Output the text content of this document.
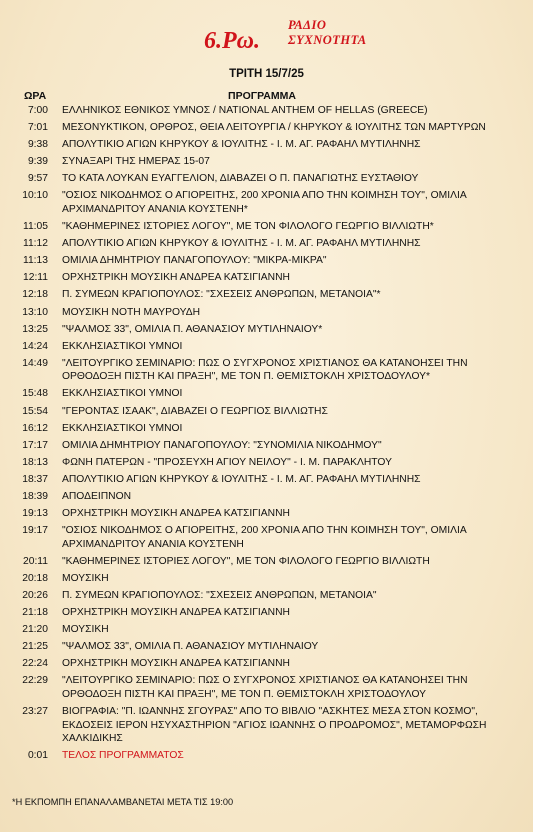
6.Ρω.
ΡΑΔΙΟ
ΣΥΧΝΟΤΗΤΑ
ΤΡΙΤΗ 15/7/25
ΩΡΑ	ΠΡΟΓΡΑΜΜΑ
7:00	ΕΛΛΗΝΙΚΟΣ ΕΘΝΙΚΟΣ ΥΜΝΟΣ / NATIONAL ANTHEM OF HELLAS (GREECE)
7:01	ΜΕΣΟΝΥΚΤΙΚΟΝ, ΟΡΘΡΟΣ, ΘΕΙΑ ΛΕΙΤΟΥΡΓΙΑ / ΚΗΡΥΚΟΥ & ΙΟΥΛΙΤΗΣ ΤΩΝ ΜΑΡΤΥΡΩΝ
9:38	ΑΠΟΛΥΤΙΚΙΟ ΑΓΙΩΝ ΚΗΡΥΚΟΥ & ΙΟΥΛΙΤΗΣ - Ι. Μ. ΑΓ. ΡΑΦΑΗΛ ΜΥΤΙΛΗΝΗΣ
9:39	ΣΥΝΑΞΑΡΙ ΤΗΣ ΗΜΕΡΑΣ 15-07
9:57	ΤΟ ΚΑΤΑ ΛΟΥΚΑΝ ΕΥΑΓΓΕΛΙΟΝ, ΔΙΑΒΑΖΕΙ Ο Π. ΠΑΝΑΓΙΩΤΗΣ ΕΥΣΤΑΘΙΟΥ
10:10	"ΟΣΙΟΣ ΝΙΚΟΔΗΜΟΣ Ο ΑΓΙΟΡΕΙΤΗΣ, 200 ΧΡΟΝΙΑ ΑΠΟ ΤΗΝ ΚΟΙΜΗΣΗ ΤΟΥ", ΟΜΙΛΙΑ ΑΡΧΙΜΑΝΔΡΙΤΟΥ ΑΝΑΝΙΑ ΚΟΥΣΤΕΝΗ*
11:05	"ΚΑΘΗΜΕΡΙΝΕΣ ΙΣΤΟΡΙΕΣ ΛΟΓΟΥ", ΜΕ ΤΟΝ ΦΙΛΟΛΟΓΟ ΓΕΩΡΓΙΟ ΒΙΛΛΙΩΤΗ*
11:12	ΑΠΟΛΥΤΙΚΙΟ ΑΓΙΩΝ ΚΗΡΥΚΟΥ & ΙΟΥΛΙΤΗΣ - Ι. Μ. ΑΓ. ΡΑΦΑΗΛ ΜΥΤΙΛΗΝΗΣ
11:13	ΟΜΙΛΙΑ ΔΗΜΗΤΡΙΟΥ ΠΑΝΑΓΟΠΟΥΛΟΥ: "ΜΙΚΡΑ-ΜΙΚΡΑ"
12:11	ΟΡΧΗΣΤΡΙΚΗ ΜΟΥΣΙΚΗ ΑΝΔΡΕΑ ΚΑΤΣΙΓΙΑΝΝΗ
12:18	Π. ΣΥΜΕΩΝ ΚΡΑΓΙΟΠΟΥΛΟΣ: "ΣΧΕΣΕΙΣ ΑΝΘΡΩΠΩΝ, ΜΕΤΑΝΟΙΑ"*
13:10	ΜΟΥΣΙΚΗ ΝΟΤΗ ΜΑΥΡΟΥΔΗ
13:25	"ΨΑΛΜΟΣ 33", ΟΜΙΛΙΑ Π. ΑΘΑΝΑΣΙΟΥ ΜΥΤΙΛΗΝΑΙΟΥ*
14:24	ΕΚΚΛΗΣΙΑΣΤΙΚΟΙ ΥΜΝΟΙ
14:49	"ΛΕΙΤΟΥΡΓΙΚΟ ΣΕΜΙΝΑΡΙΟ: ΠΩΣ Ο ΣΥΓΧΡΟΝΟΣ ΧΡΙΣΤΙΑΝΟΣ ΘΑ ΚΑΤΑΝΟΗΣΕΙ ΤΗΝ ΟΡΘΟΔΟΞΗ ΠΙΣΤΗ ΚΑΙ ΠΡΑΞΗ", ΜΕ ΤΟΝ Π. ΘΕΜΙΣΤΟΚΛΗ ΧΡΙΣΤΟΔΟΥΛΟΥ*
15:48	ΕΚΚΛΗΣΙΑΣΤΙΚΟΙ ΥΜΝΟΙ
15:54	"ΓΕΡΟΝΤΑΣ ΙΣΑΑΚ", ΔΙΑΒΑΖΕΙ Ο ΓΕΩΡΓΙΟΣ ΒΙΛΛΙΩΤΗΣ
16:12	ΕΚΚΛΗΣΙΑΣΤΙΚΟΙ ΥΜΝΟΙ
17:17	ΟΜΙΛΙΑ ΔΗΜΗΤΡΙΟΥ ΠΑΝΑΓΟΠΟΥΛΟΥ: "ΣΥΝΟΜΙΛΙΑ ΝΙΚΟΔΗΜΟΥ"
18:13	ΦΩΝΗ ΠΑΤΕΡΩΝ - "ΠΡΟΣΕΥΧΗ ΑΓΙΟΥ ΝΕΙΛΟΥ" - Ι. Μ. ΠΑΡΑΚΛΗΤΟΥ
18:37	ΑΠΟΛΥΤΙΚΙΟ ΑΓΙΩΝ ΚΗΡΥΚΟΥ & ΙΟΥΛΙΤΗΣ - Ι. Μ. ΑΓ. ΡΑΦΑΗΛ ΜΥΤΙΛΗΝΗΣ
18:39	ΑΠΟΔΕΙΠΝΟΝ
19:13	ΟΡΧΗΣΤΡΙΚΗ ΜΟΥΣΙΚΗ ΑΝΔΡΕΑ ΚΑΤΣΙΓΙΑΝΝΗ
19:17	"ΟΣΙΟΣ ΝΙΚΟΔΗΜΟΣ Ο ΑΓΙΟΡΕΙΤΗΣ, 200 ΧΡΟΝΙΑ ΑΠΟ ΤΗΝ ΚΟΙΜΗΣΗ ΤΟΥ", ΟΜΙΛΙΑ ΑΡΧΙΜΑΝΔΡΙΤΟΥ ΑΝΑΝΙΑ ΚΟΥΣΤΕΝΗ
20:11	"ΚΑΘΗΜΕΡΙΝΕΣ ΙΣΤΟΡΙΕΣ ΛΟΓΟΥ", ΜΕ ΤΟΝ ΦΙΛΟΛΟΓΟ ΓΕΩΡΓΙΟ ΒΙΛΛΙΩΤΗ
20:18	ΜΟΥΣΙΚΗ
20:26	Π. ΣΥΜΕΩΝ ΚΡΑΓΙΟΠΟΥΛΟΣ: "ΣΧΕΣΕΙΣ ΑΝΘΡΩΠΩΝ, ΜΕΤΑΝΟΙΑ"
21:18	ΟΡΧΗΣΤΡΙΚΗ ΜΟΥΣΙΚΗ ΑΝΔΡΕΑ ΚΑΤΣΙΓΙΑΝΝΗ
21:20	ΜΟΥΣΙΚΗ
21:25	"ΨΑΛΜΟΣ 33", ΟΜΙΛΙΑ Π. ΑΘΑΝΑΣΙΟΥ ΜΥΤΙΛΗΝΑΙΟΥ
22:24	ΟΡΧΗΣΤΡΙΚΗ ΜΟΥΣΙΚΗ ΑΝΔΡΕΑ ΚΑΤΣΙΓΙΑΝΝΗ
22:29	"ΛΕΙΤΟΥΡΓΙΚΟ ΣΕΜΙΝΑΡΙΟ: ΠΩΣ Ο ΣΥΓΧΡΟΝΟΣ ΧΡΙΣΤΙΑΝΟΣ ΘΑ ΚΑΤΑΝΟΗΣΕΙ ΤΗΝ ΟΡΘΟΔΟΞΗ ΠΙΣΤΗ ΚΑΙ ΠΡΑΞΗ", ΜΕ ΤΟΝ Π. ΘΕΜΙΣΤΟΚΛΗ ΧΡΙΣΤΟΔΟΥΛΟΥ
23:27	ΒΙΟΓΡΑΦΙΑ: "Π. ΙΩΑΝΝΗΣ ΣΓΟΥΡΑΣ" ΑΠΟ ΤΟ ΒΙΒΛΙΟ "ΑΣΚΗΤΕΣ ΜΕΣΑ ΣΤΟΝ ΚΟΣΜΟ", ΕΚΔΟΣΕΙΣ ΙΕΡΟΝ ΗΣΥΧΑΣΤΗΡΙΟΝ "ΑΓΙΟΣ ΙΩΑΝΝΗΣ Ο ΠΡΟΔΡΟΜΟΣ", ΜΕΤΑΜΟΡΦΩΣΗ ΧΑΛΚΙΔΙΚΗΣ
0:01	ΤΕΛΟΣ ΠΡΟΓΡΑΜΜΑΤΟΣ
*Η ΕΚΠΟΜΠΗ ΕΠΑΝΑΛΑΜΒΑΝΕΤΑΙ ΜΕΤΑ ΤΙΣ 19:00
